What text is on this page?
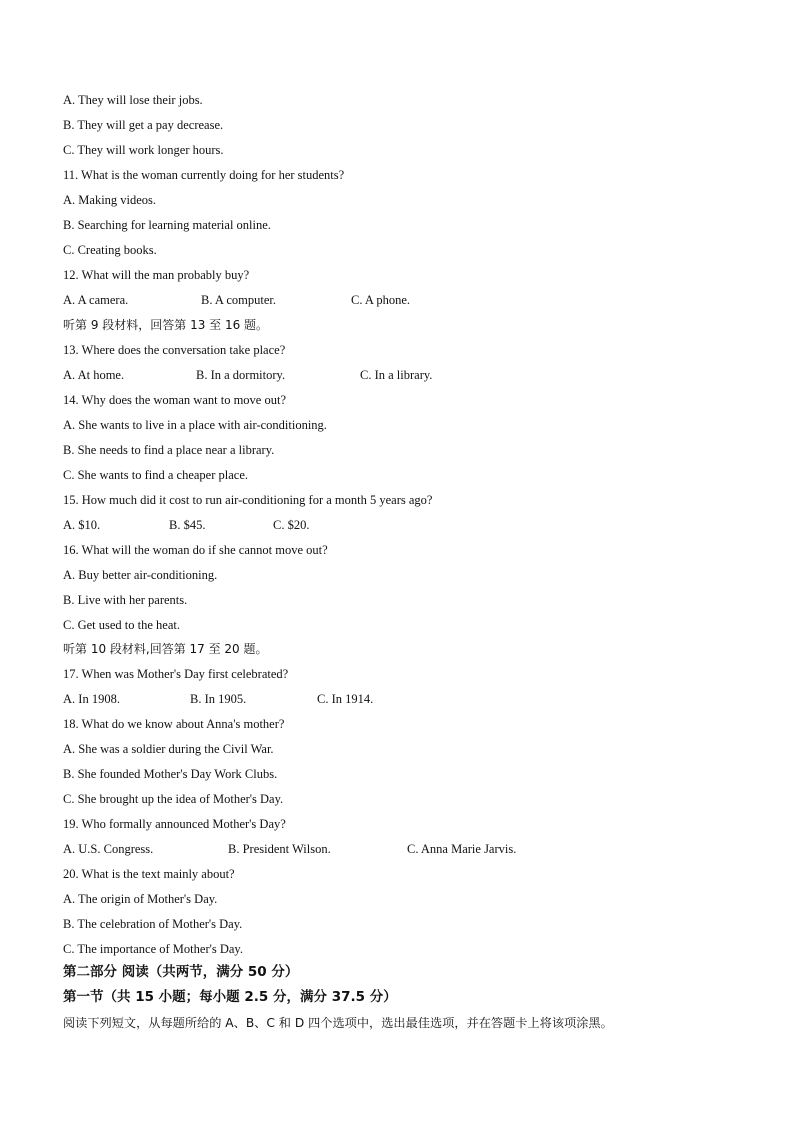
A. They will lose their jobs.
B. They will get a pay decrease.
C. They will work longer hours.
11. What is the woman currently doing for her students?
A. Making videos.
B. Searching for learning material online.
C. Creating books.
12. What will the man probably buy?
A. A camera.	B. A computer.	C. A phone.
听第 9 段材料，回答第 13 至 16 题。
13. Where does the conversation take place?
A. At home.	B. In a dormitory.	C. In a library.
14. Why does the woman want to move out?
A. She wants to live in a place with air-conditioning.
B. She needs to find a place near a library.
C. She wants to find a cheaper place.
15. How much did it cost to run air-conditioning for a month 5 years ago?
A. $10.	B. $45.	C. $20.
16. What will the woman do if she cannot move out?
A. Buy better air-conditioning.
B. Live with her parents.
C. Get used to the heat.
听第 10 段材料,回答第 17 至 20 题。
17. When was Mother's Day first celebrated?
A. In 1908.	B. In 1905.	C. In 1914.
18. What do we know about Anna's mother?
A. She was a soldier during the Civil War.
B. She founded Mother's Day Work Clubs.
C. She brought up the idea of Mother's Day.
19. Who formally announced Mother's Day?
A. U.S. Congress.	B. President Wilson.	C. Anna Marie Jarvis.
20. What is the text mainly about?
A. The origin of Mother's Day.
B. The celebration of Mother's Day.
C. The importance of Mother's Day.
第二部分 阅读（共两节，满分 50 分）
第一节（共 15 小题；每小题 2.5 分，满分 37.5 分）
阅读下列短文，从每题所给的 A、B、C 和 D 四个选项中，选出最佳选项，并在答题卡上将该项涂黑。
